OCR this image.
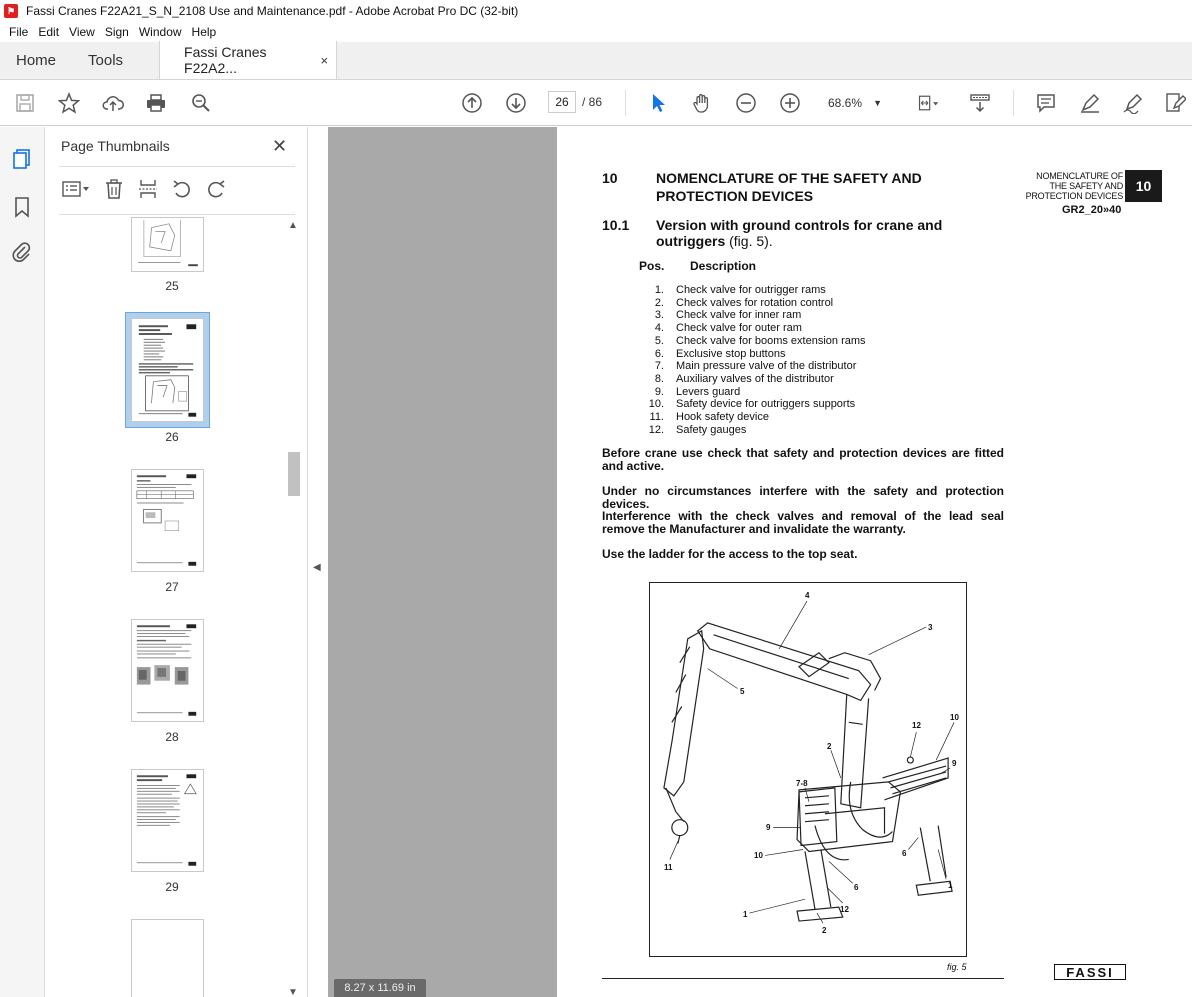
⚑ Fassi Cranes F22A21_S_N_2108 Use and Maintenance.pdf - Adobe Acrobat Pro DC (32-bit)
File Edit View Sign Window Help
Home	Tools	Fassi Cranes F22A2...	×
26	/ 86	68.6% ▼
Page Thumbnails	✕
25
26
27
28
29
▲
▼
◀
10	NOMENCLATURE OF THE SAFETY AND
PROTECTION DEVICES
10.1 Version with ground controls for crane and
outriggers (fig. 5).
NOMENCLATURE OF
THE SAFETY AND
PROTECTION DEVICES
10
GR2_20»40
Pos. Description
1. Check valve for outrigger rams
2. Check valves for rotation control
3. Check valve for inner ram
4. Check valve for outer ram
5. Check valve for booms extension rams
6. Exclusive stop buttons
7. Main pressure valve of the distributor
8. Auxiliary valves of the distributor
9. Levers guard
10. Safety device for outriggers supports
11. Hook safety device
12. Safety gauges
Before crane use check that safety and protection devices are fitted and active.
Under no circumstances interfere with the safety and protection devices.
Interference with the check valves and removal of the lead seal remove the Manufacturer and invalidate the warranty.
Use the ladder for the access to the top seat.
4
3
5
12
10
2
9
7-8
9
10	6
11
6	1
1
12
2
fig. 5	FASSI
8.27 x 11.69 in
